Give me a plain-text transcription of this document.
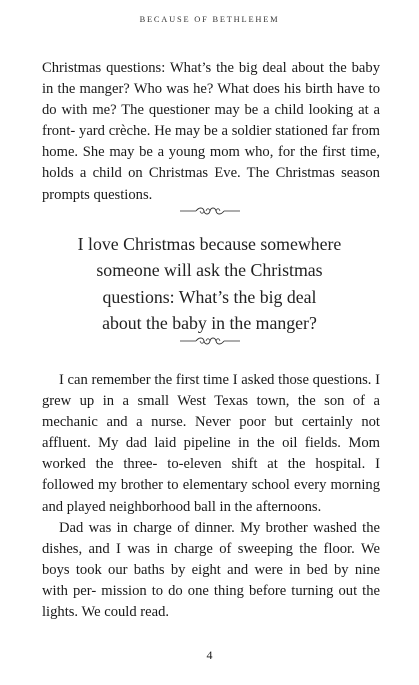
BECAUSE OF BETHLEHEM

Christmas questions: What’s the big deal about the baby in the manger? Who was he? What does his birth have to do with me? The questioner may be a child looking at a front- yard crèche. He may be a soldier stationed far from home. She may be a young mom who, for the first time, holds a child on Christmas Eve. The Christmas season prompts questions.

I love Christmas because somewhere
someone will ask the Christmas
questions: What’s the big deal
about the baby in the manger?

I can remember the first time I asked those questions. I grew up in a small West Texas town, the son of a mechanic and a nurse. Never poor but certainly not affluent. My dad laid pipeline in the oil fields. Mom worked the three- to-eleven shift at the hospital. I followed my brother to elementary school every morning and played neighborhood ball in the afternoons.

Dad was in charge of dinner. My brother washed the dishes, and I was in charge of sweeping the floor. We boys took our baths by eight and were in bed by nine with per- mission to do one thing before turning out the lights. We could read.

4
